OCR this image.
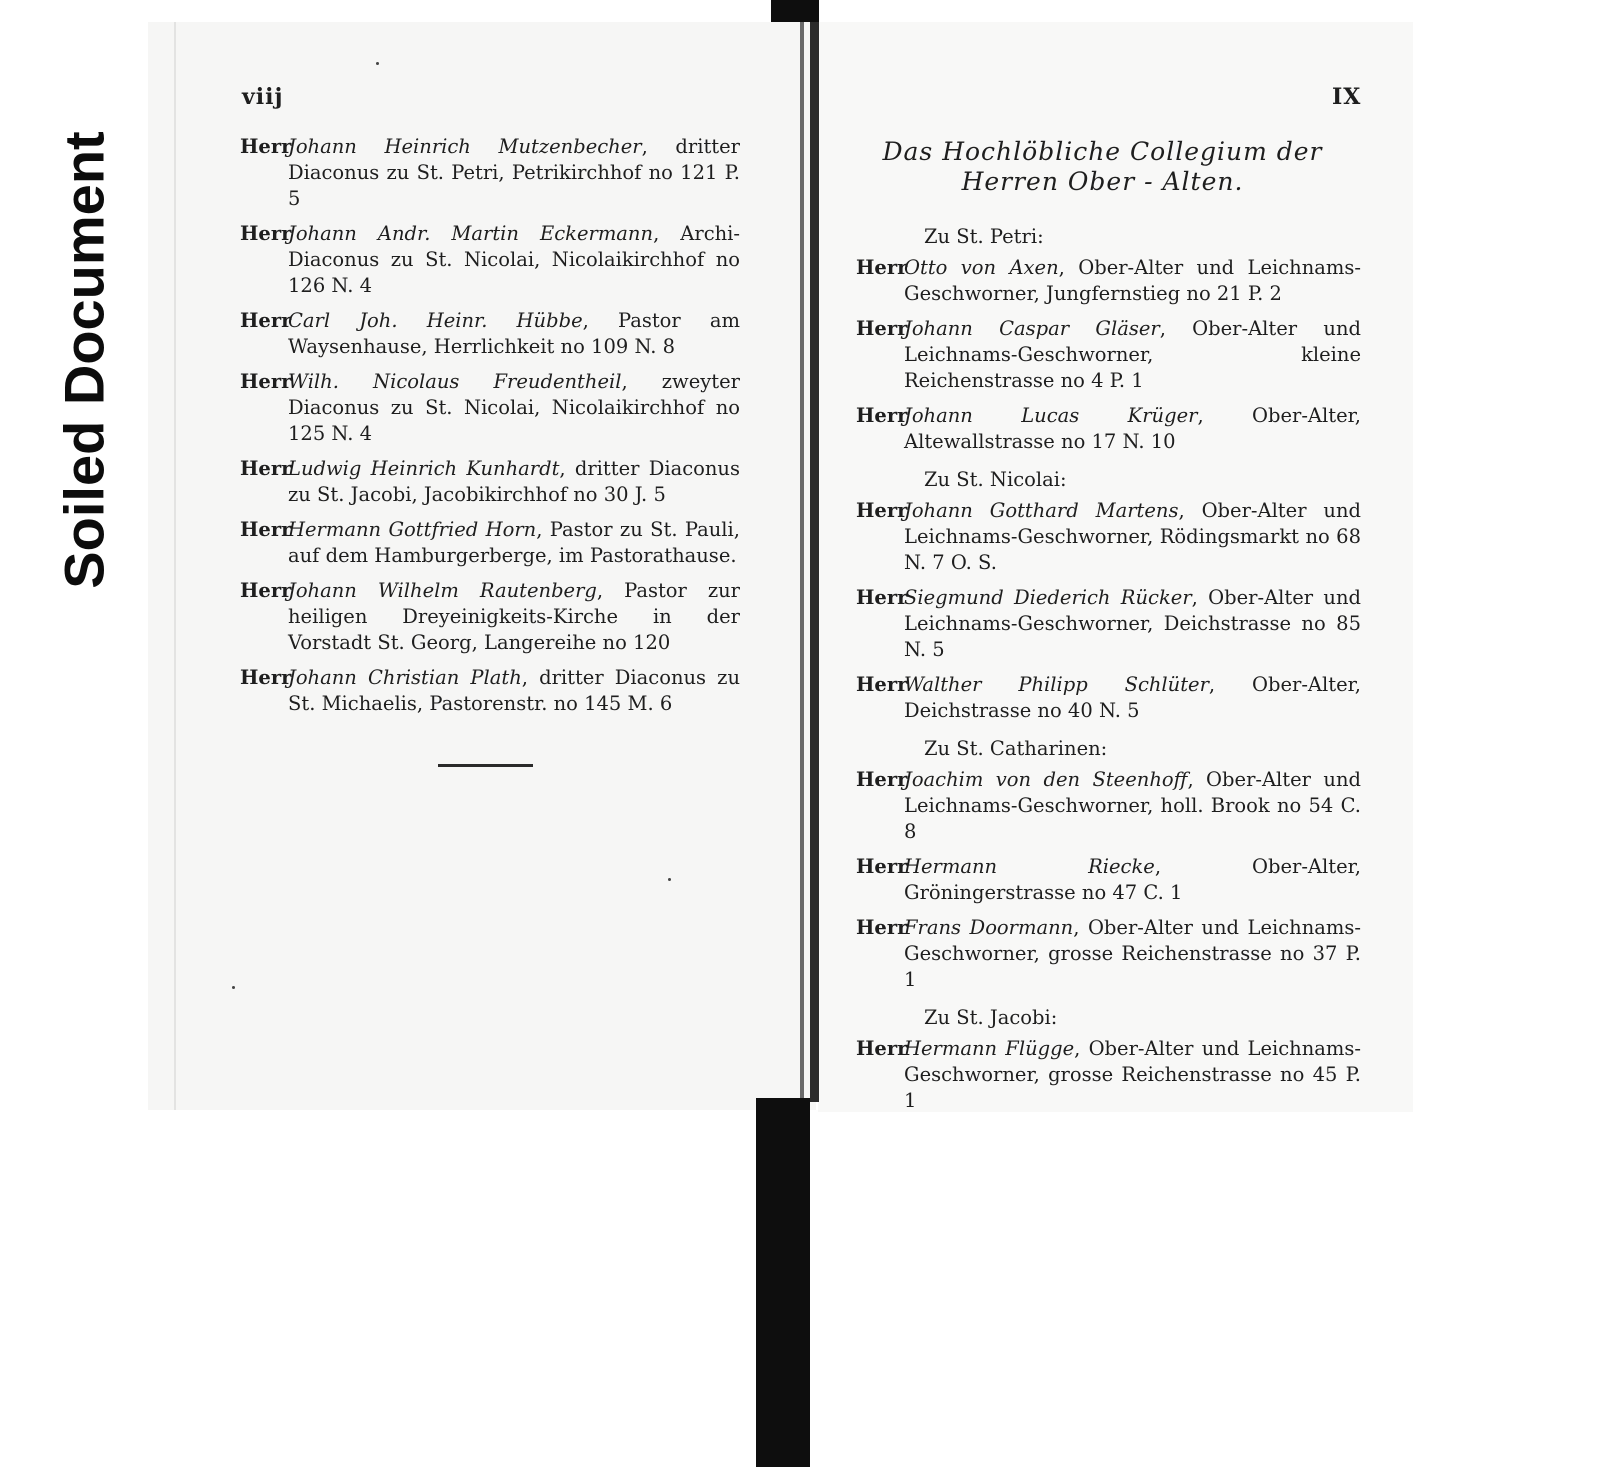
Soiled Document
viij	IX
Herr
Johann Heinrich Mutzenbecher, dritter Diaconus zu St. Petri, Petrikirchhof no 121 P. 5
Herr
Johann Andr. Martin Eckermann, Archi-Diaconus zu St. Nicolai, Nicolaikirchhof no 126 N. 4
Herr
Carl Joh. Heinr. Hübbe, Pastor am Waysenhause, Herrlichkeit no 109 N. 8
Herr
Wilh. Nicolaus Freudentheil, zweyter Diaconus zu St. Nicolai, Nicolaikirchhof no 125 N. 4
Herr
Ludwig Heinrich Kunhardt, dritter Diaconus zu St. Jacobi, Jacobikirchhof no 30 J. 5
Herr
Hermann Gottfried Horn, Pastor zu St. Pauli, auf dem Hamburgerberge, im Pastorathause.
Herr
Johann Wilhelm Rautenberg, Pastor zur heiligen Dreyeinigkeits-Kirche in der Vorstadt St. Georg, Langereihe no 120
Herr
Johann Christian Plath, dritter Diaconus zu St. Michaelis, Pastorenstr. no 145 M. 6
Das Hochlöbliche Collegium der
Herren Ober - Alten.
Zu St. Petri:
Herr
Otto von Axen, Ober-Alter und Leichnams-Geschworner, Jungfernstieg no 21 P. 2
Herr
Johann Caspar Gläser, Ober-Alter und Leichnams-Geschworner, kleine Reichenstrasse no 4 P. 1
Herr
Johann Lucas Krüger, Ober-Alter, Altewallstrasse no 17 N. 10
Zu St. Nicolai:
Herr
Johann Gotthard Martens, Ober-Alter und Leichnams-Geschworner, Rödingsmarkt no 68 N. 7 O. S.
Herr
Siegmund Diederich Rücker, Ober-Alter und Leichnams-Geschworner, Deichstrasse no 85 N. 5
Herr
Walther Philipp Schlüter, Ober-Alter, Deichstrasse no 40 N. 5
Zu St. Catharinen:
Herr
Joachim von den Steenhoff, Ober-Alter und Leichnams-Geschworner, holl. Brook no 54 C. 8
Herr
Hermann Riecke, Ober-Alter, Gröningerstrasse no 47 C. 1
Herr
Frans Doormann, Ober-Alter und Leichnams-Geschworner, grosse Reichenstrasse no 37 P. 1
Zu St. Jacobi:
Herr
Hermann Flügge, Ober-Alter und Leichnams-Geschworner, grosse Reichenstrasse no 45 P. 1
